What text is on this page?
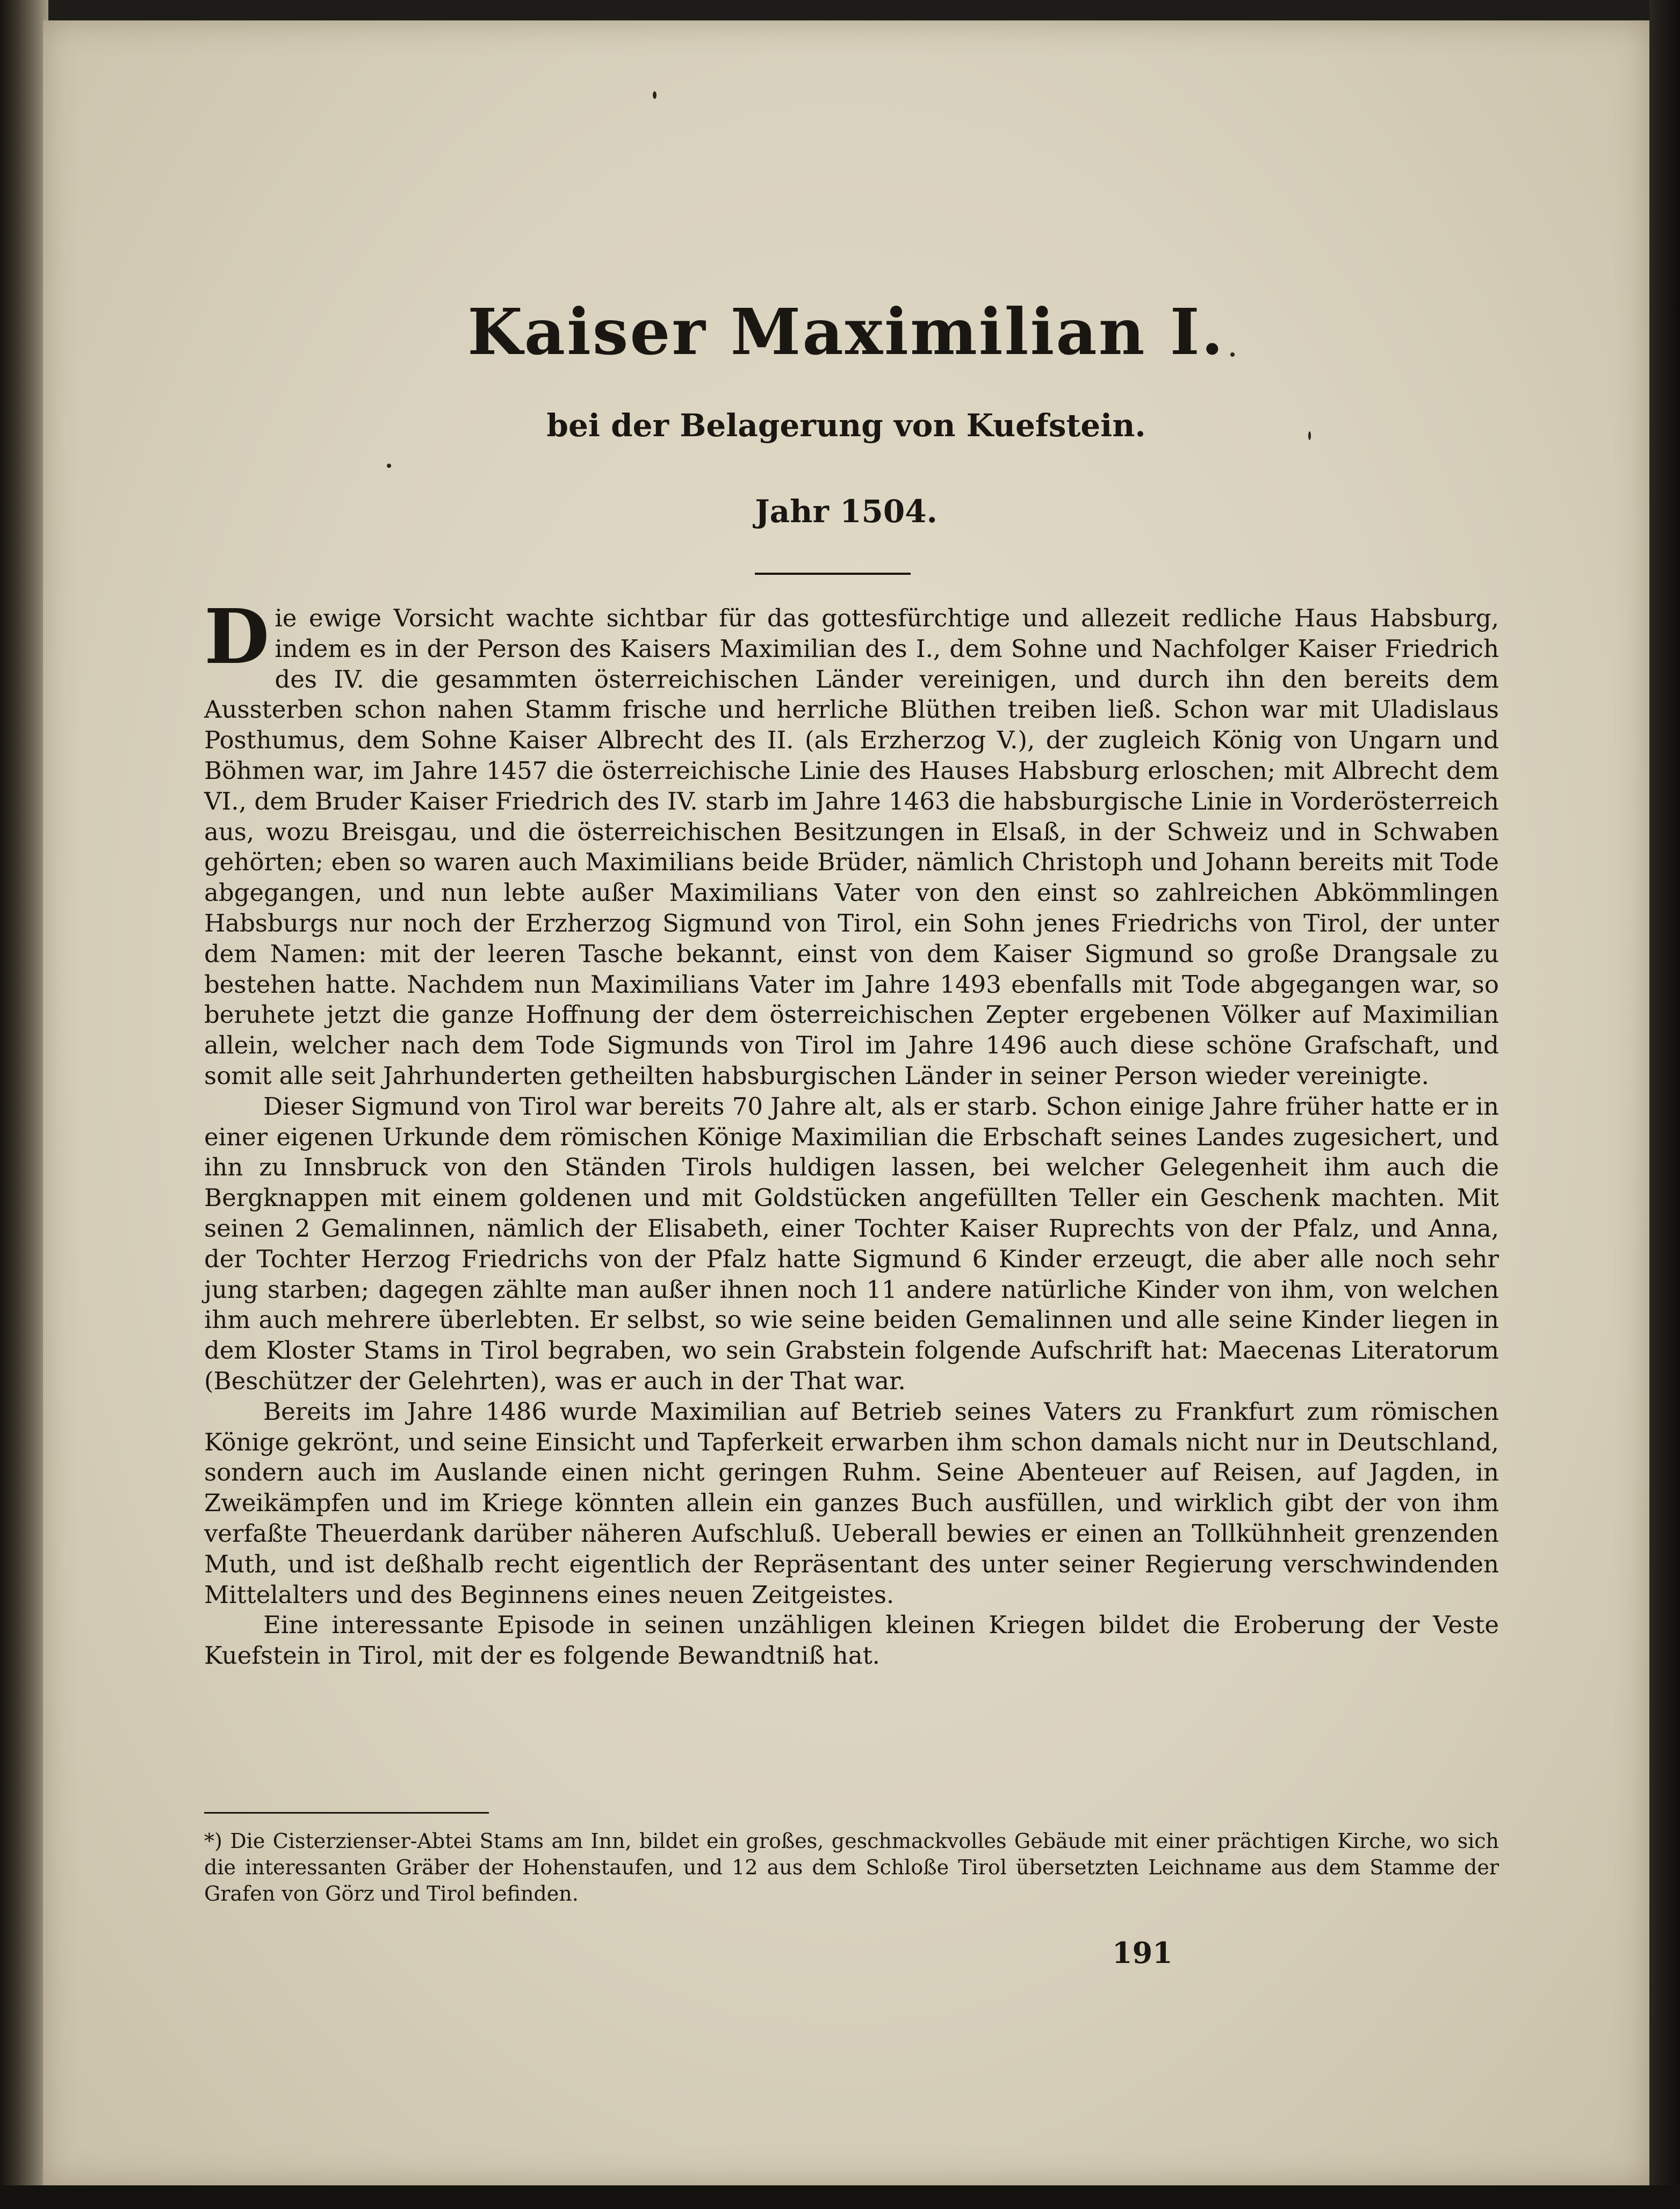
Kaiser Maximilian I.
bei der Belagerung von Kuefstein.
Jahr 1504.

D ie ewige Vorsicht wachte sichtbar für das gottesfürchtige und allezeit redliche Haus Habsburg, indem es in der Person des Kaisers Maximilian des I., dem Sohne und Nachfolger Kaiser Friedrich des IV. die gesammten österreichischen Länder vereinigen, und durch ihn den bereits dem Aussterben schon nahen Stamm frische und herrliche Blüthen treiben ließ. Schon war mit Uladislaus Posthumus, dem Sohne Kaiser Albrecht des II. (als Erzherzog V.), der zugleich König von Ungarn und Böhmen war, im Jahre 1457 die österreichische Linie des Hauses Habsburg erloschen; mit Albrecht dem VI., dem Bruder Kaiser Friedrich des IV. starb im Jahre 1463 die habsburgische Linie in Vorderösterreich aus, wozu Breisgau, und die österreichischen Besitzungen in Elsaß, in der Schweiz und in Schwaben gehörten; eben so waren auch Maximilians beide Brüder, nämlich Christoph und Johann bereits mit Tode abgegangen, und nun lebte außer Maximilians Vater von den einst so zahlreichen Abkömmlingen Habsburgs nur noch der Erzherzog Sigmund von Tirol, ein Sohn jenes Friedrichs von Tirol, der unter dem Namen: mit der leeren Tasche bekannt, einst von dem Kaiser Sigmund so große Drangsale zu bestehen hatte. Nachdem nun Maximilians Vater im Jahre 1493 ebenfalls mit Tode abgegangen war, so beruhete jetzt die ganze Hoffnung der dem österreichischen Zepter ergebenen Völker auf Maximilian allein, welcher nach dem Tode Sigmunds von Tirol im Jahre 1496 auch diese schöne Grafschaft, und somit alle seit Jahrhunderten getheilten habsburgischen Länder in seiner Person wieder vereinigte.

Dieser Sigmund von Tirol war bereits 70 Jahre alt, als er starb. Schon einige Jahre früher hatte er in einer eigenen Urkunde dem römischen Könige Maximilian die Erbschaft seines Landes zugesichert, und ihn zu Innsbruck von den Ständen Tirols huldigen lassen, bei welcher Gelegenheit ihm auch die Bergknappen mit einem goldenen und mit Goldstücken angefüllten Teller ein Geschenk machten. Mit seinen 2 Gemalinnen, nämlich der Elisabeth, einer Tochter Kaiser Ruprechts von der Pfalz, und Anna, der Tochter Herzog Friedrichs von der Pfalz hatte Sigmund 6 Kinder erzeugt, die aber alle noch sehr jung starben; dagegen zählte man außer ihnen noch 11 andere natürliche Kinder von ihm, von welchen ihm auch mehrere überlebten. Er selbst, so wie seine beiden Gemalinnen und alle seine Kinder liegen in dem Kloster Stams in Tirol begraben, wo sein Grabstein folgende Aufschrift hat: Maecenas Literatorum (Beschützer der Gelehrten), was er auch in der That war.

Bereits im Jahre 1486 wurde Maximilian auf Betrieb seines Vaters zu Frankfurt zum römischen Könige gekrönt, und seine Einsicht und Tapferkeit erwarben ihm schon damals nicht nur in Deutschland, sondern auch im Auslande einen nicht geringen Ruhm. Seine Abenteuer auf Reisen, auf Jagden, in Zweikämpfen und im Kriege könnten allein ein ganzes Buch ausfüllen, und wirklich gibt der von ihm verfaßte Theuerdank darüber näheren Aufschluß. Ueberall bewies er einen an Tollkühnheit grenzenden Muth, und ist deßhalb recht eigentlich der Repräsentant des unter seiner Regierung verschwindenden Mittelalters und des Beginnens eines neuen Zeitgeistes.

Eine interessante Episode in seinen unzähligen kleinen Kriegen bildet die Eroberung der Veste Kuefstein in Tirol, mit der es folgende Bewandtniß hat.

*) Die Cisterzienser-Abtei Stams am Inn, bildet ein großes, geschmackvolles Gebäude mit einer prächtigen Kirche, wo sich die interessanten Gräber der Hohenstaufen, und 12 aus dem Schloße Tirol übersetzten Leichname aus dem Stamme der Grafen von Görz und Tirol befinden.

191
